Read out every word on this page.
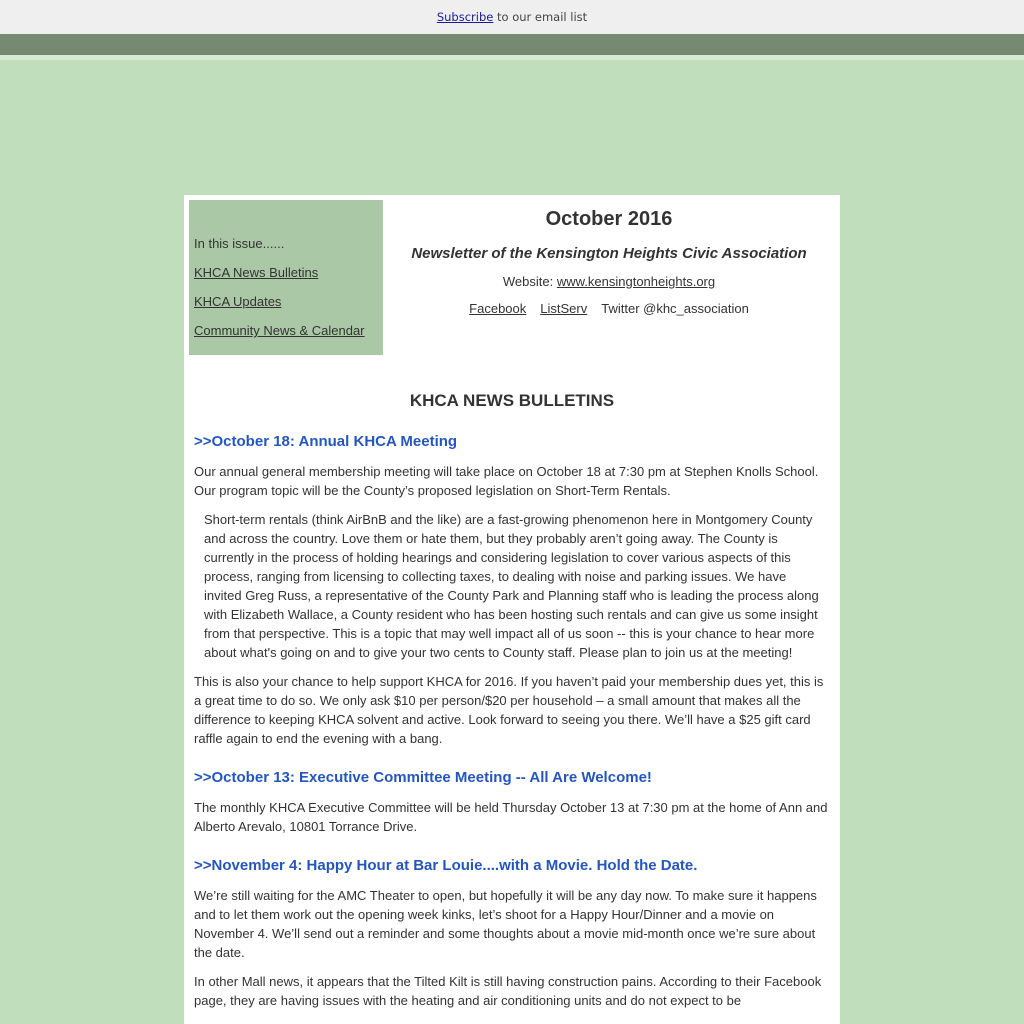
Subscribe to our email list
In this issue......
KHCA News Bulletins
KHCA Updates
Community News & Calendar
October 2016
Newsletter of the Kensington Heights Civic Association
Website: www.kensingtonheights.org
Facebook ListServ Twitter @khc_association
KHCA NEWS BULLETINS
>>October 18: Annual KHCA Meeting

Our annual general membership meeting will take place on October 18 at 7:30 pm at Stephen Knolls School. Our program topic will be the County’s proposed legislation on Short-Term Rentals.

Short-term rentals (think AirBnB and the like) are a fast-growing phenomenon here in Montgomery County and across the country. Love them or hate them, but they probably aren’t going away. The County is currently in the process of holding hearings and considering legislation to cover various aspects of this process, ranging from licensing to collecting taxes, to dealing with noise and parking issues. We have invited Greg Russ, a representative of the County Park and Planning staff who is leading the process along with Elizabeth Wallace, a County resident who has been hosting such rentals and can give us some insight from that perspective. This is a topic that may well impact all of us soon -- this is your chance to hear more about what's going on and to give your two cents to County staff. Please plan to join us at the meeting!

This is also your chance to help support KHCA for 2016. If you haven’t paid your membership dues yet, this is a great time to do so. We only ask $10 per person/$20 per household – a small amount that makes all the difference to keeping KHCA solvent and active. Look forward to seeing you there. We’ll have a $25 gift card raffle again to end the evening with a bang.

>>October 13: Executive Committee Meeting -- All Are Welcome!

The monthly KHCA Executive Committee will be held Thursday October 13 at 7:30 pm at the home of Ann and Alberto Arevalo, 10801 Torrance Drive.

>>November 4: Happy Hour at Bar Louie....with a Movie. Hold the Date.

We’re still waiting for the AMC Theater to open, but hopefully it will be any day now. To make sure it happens and to let them work out the opening week kinks, let’s shoot for a Happy Hour/Dinner and a movie on November 4. We’ll send out a reminder and some thoughts about a movie mid-month once we’re sure about the date.

In other Mall news, it appears that the Tilted Kilt is still having construction pains. According to their Facebook page, they are having issues with the heating and air conditioning units and do not expect to be
